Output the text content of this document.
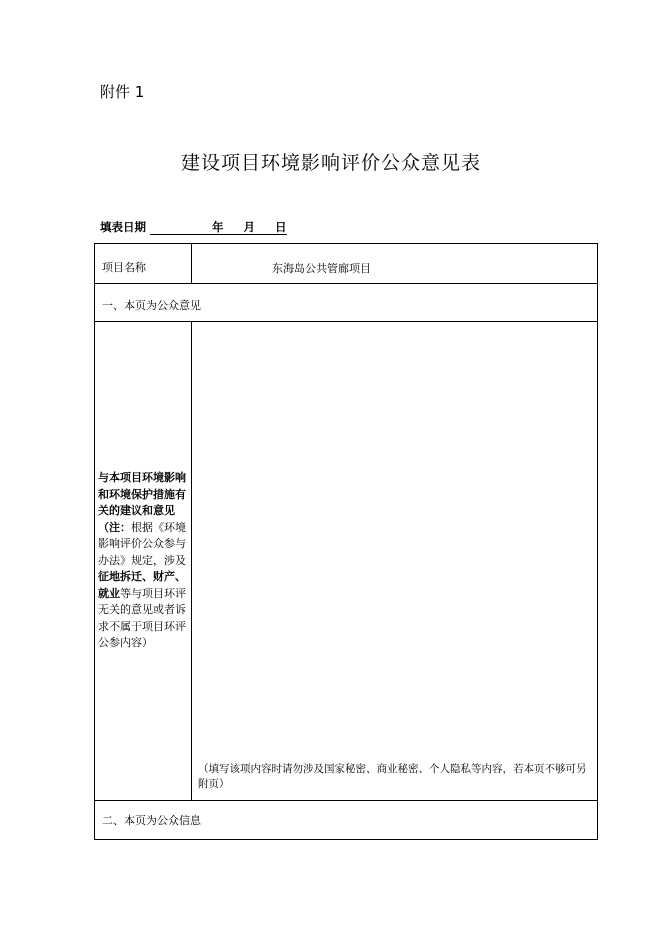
附件 1
建设项目环境影响评价公众意见表
填表日期	年 月 日
项目名称	东海岛公共管廊项目
一、本页为公众意见
与本项目环境影响和环境保护措施有关的建议和意见（注：根据《环境影响评价公众参与办法》规定，涉及征地拆迁、财产、就业等与项目环评无关的意见或者诉求不属于项目环评公参内容）
（填写该项内容时请勿涉及国家秘密、商业秘密、个人隐私等内容，若本页不够可另附页）
二、本页为公众信息
